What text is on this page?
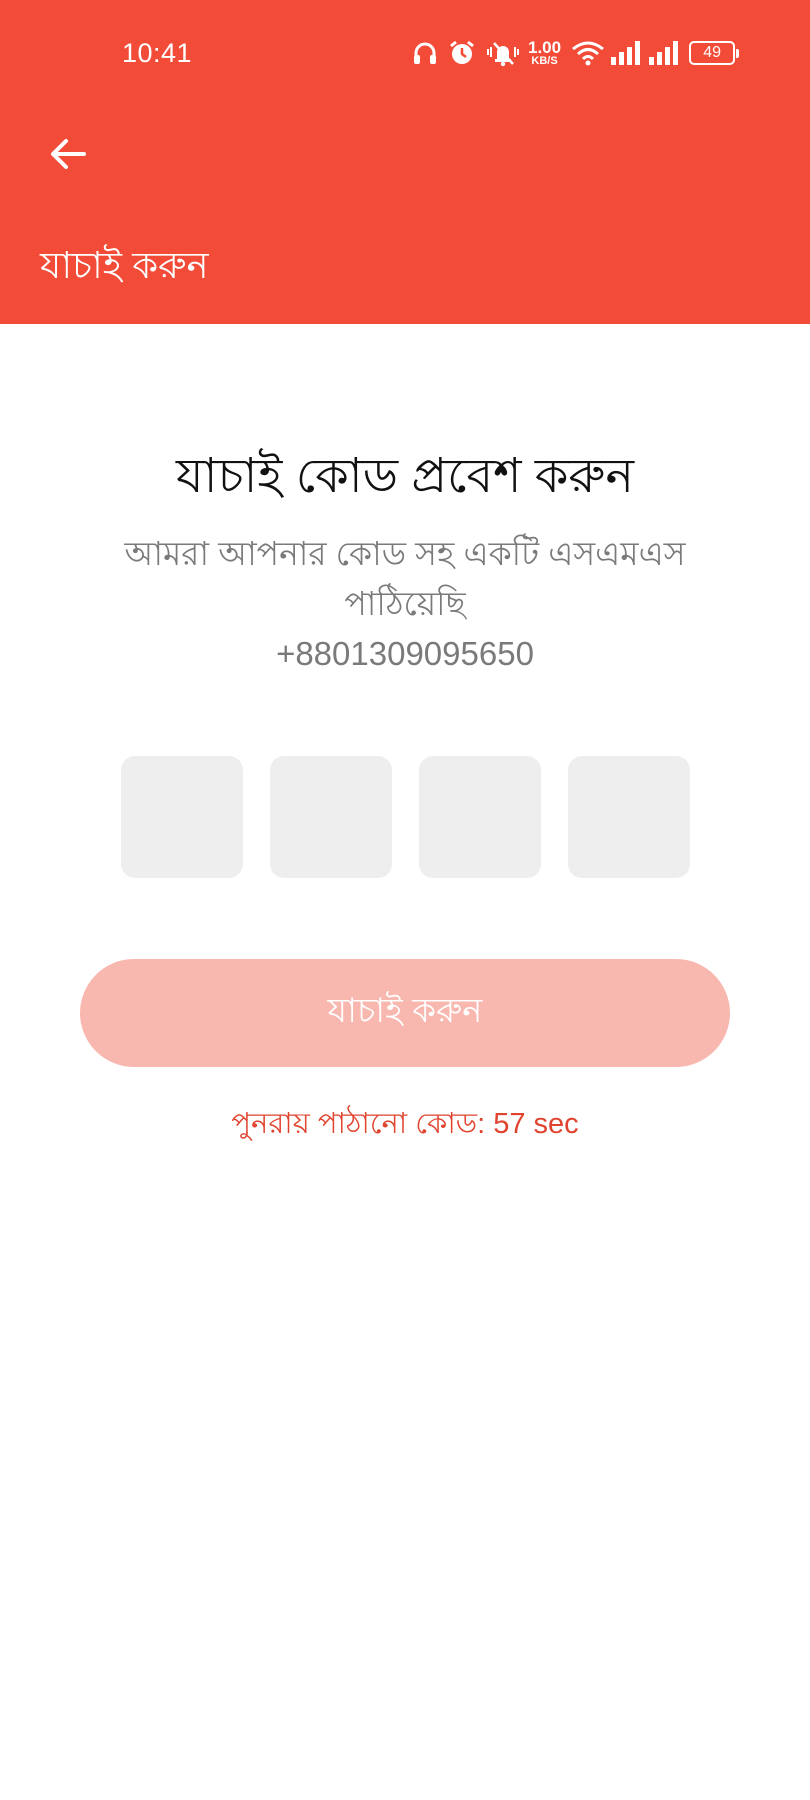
10:41	1.00
KB/S	49
যাচাই করুন
যাচাই কোড প্রবেশ করুন
আমরা আপনার কোড সহ একটি এসএমএস পাঠিয়েছি
+8801309095650
যাচাই করুন
পুনরায় পাঠানো কোড: 57 sec
